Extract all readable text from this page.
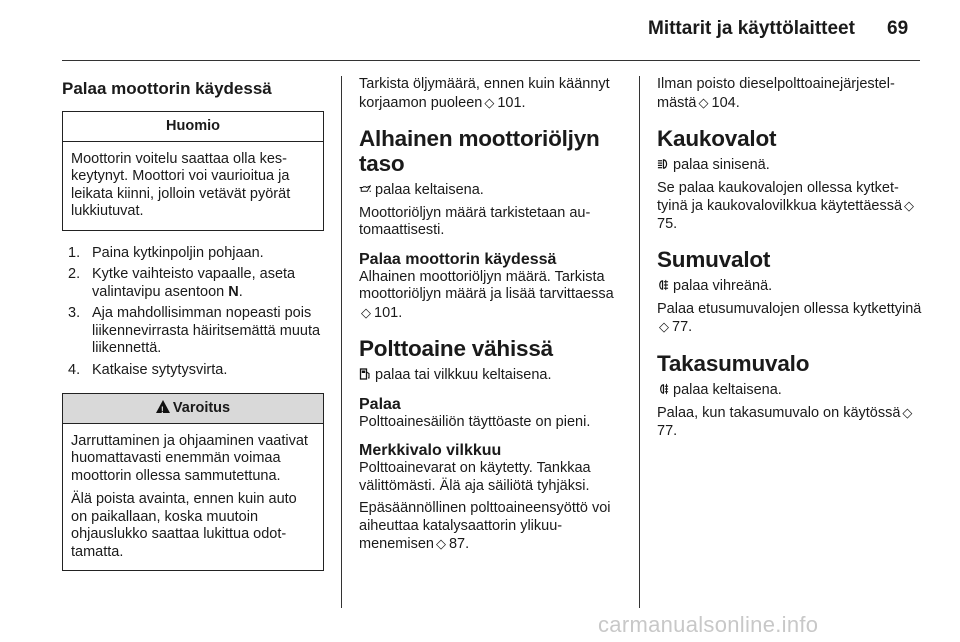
Mittarit ja käyttölaitteet 69
Palaa moottorin käydessä
Huomio

Moottorin voitelu saattaa olla keskeytynyt. Moottori voi vaurioitua ja leikata kiinni, jolloin vetävät pyörät lukkiutuvat.

1. Paina kytkinpoljin pohjaan.
2. Kytke vaihteisto vapaalle, aseta valintavipu asentoon N.
3. Aja mahdollisimman nopeasti pois liikennevirrasta häiritsemättä muuta liikennettä.
4. Katkaise sytytysvirta.
!Varoitus

Jarruttaminen ja ohjaaminen vaativat huomattavasti enemmän voimaa moottorin ollessa sammutettuna.

Älä poista avainta, ennen kuin auto on paikallaan, koska muutoin ohjauslukko saattaa lukittua odottamatta.

Tarkista öljymäärä, ennen kuin käännyt korjaamon puoleen ◇ 101.

Alhainen moottoriöljyn taso

palaa keltaisena.

Moottoriöljyn määrä tarkistetaan automaattisesti.

Palaa moottorin käydessä

Alhainen moottoriöljyn määrä. Tarkista moottoriöljyn määrä ja lisää tarvittaessa◇ 101.

Polttoaine vähissä

palaa tai vilkkuu keltaisena.

Palaa

Polttoainesäiliön täyttöaste on pieni.

Merkkivalo vilkkuu

Polttoainevarat on käytetty. Tankkaa välittömästi. Älä aja säiliötä tyhjäksi.

Epäsäännöllinen polttoaineensyöttö voi aiheuttaa katalysaattorin ylikuumenemisen ◇ 87.

Ilman poisto dieselpolttoainejärjestelmästä ◇ 104.

Kaukovalot

palaa sinisenä.

Se palaa kaukovalojen ollessa kytkettyinä ja kaukovalovilkkua käytettäessä ◇75.

Sumuvalot

palaa vihreänä.

Palaa etusumuvalojen ollessa kytkettyinä◇ 77.

Takasumuvalo

palaa keltaisena.

Palaa, kun takasumuvalo on käytössä ◇77.

carmanualsonline.info
